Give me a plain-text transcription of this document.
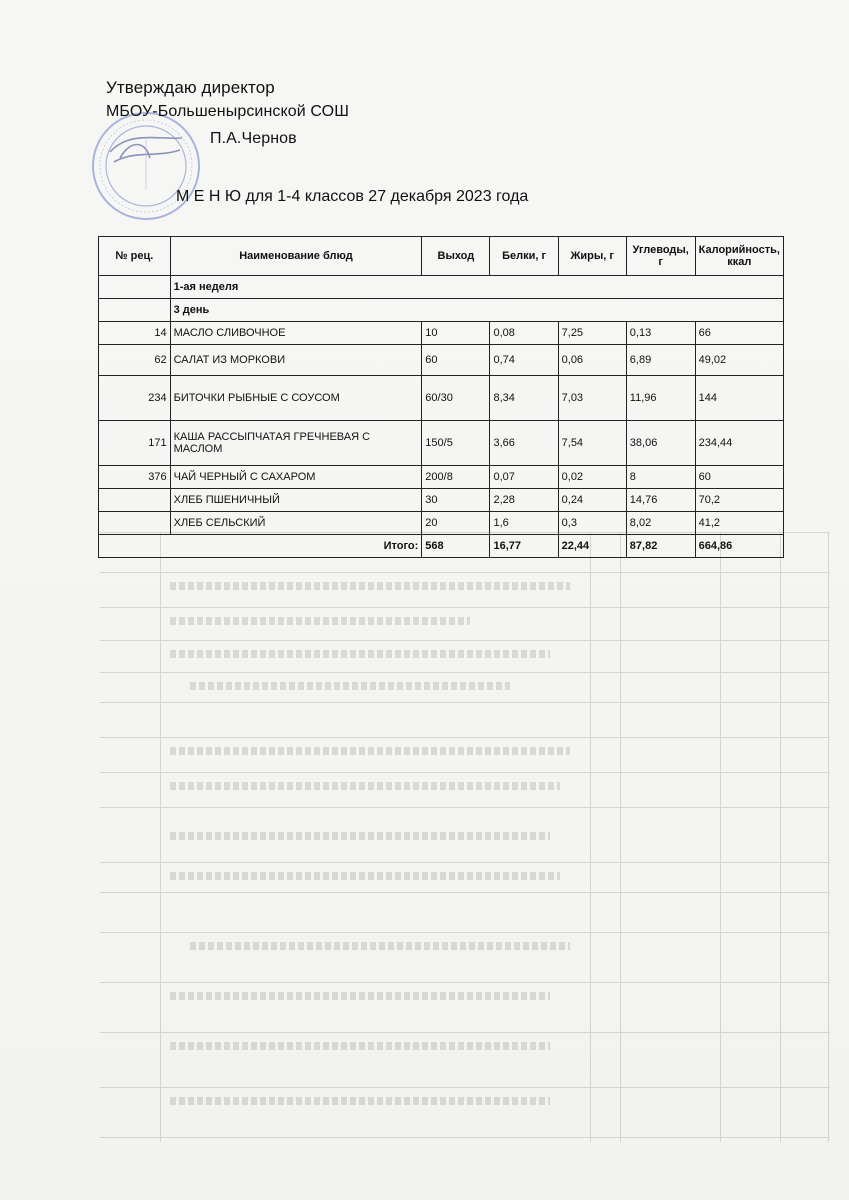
Утверждаю директор
МБОУ-Большенырсинской СОШ
П.А.Чернов
М Е Н Ю для 1-4 классов 27 декабря 2023 года
№ рец.	Наименование блюд	Выход	Белки, г	Жиры, г	Углеводы, г	Калорийность, ккал
	1-ая неделя					
	3 день					
14	МАСЛО СЛИВОЧНОЕ	10	0,08	7,25	0,13	66
62	САЛАТ ИЗ МОРКОВИ	60	0,74	0,06	6,89	49,02
234	БИТОЧКИ РЫБНЫЕ С СОУСОМ	60/30	8,34	7,03	11,96	144
171	КАША РАССЫПЧАТАЯ ГРЕЧНЕВАЯ С МАСЛОМ	150/5	3,66	7,54	38,06	234,44
376	ЧАЙ ЧЕРНЫЙ С САХАРОМ	200/8	0,07	0,02	8	60
	ХЛЕБ ПШЕНИЧНЫЙ	30	2,28	0,24	14,76	70,2
	ХЛЕБ СЕЛЬСКИЙ	20	1,6	0,3	8,02	41,2
Итого:		568	16,77	22,44	87,82	664,86
